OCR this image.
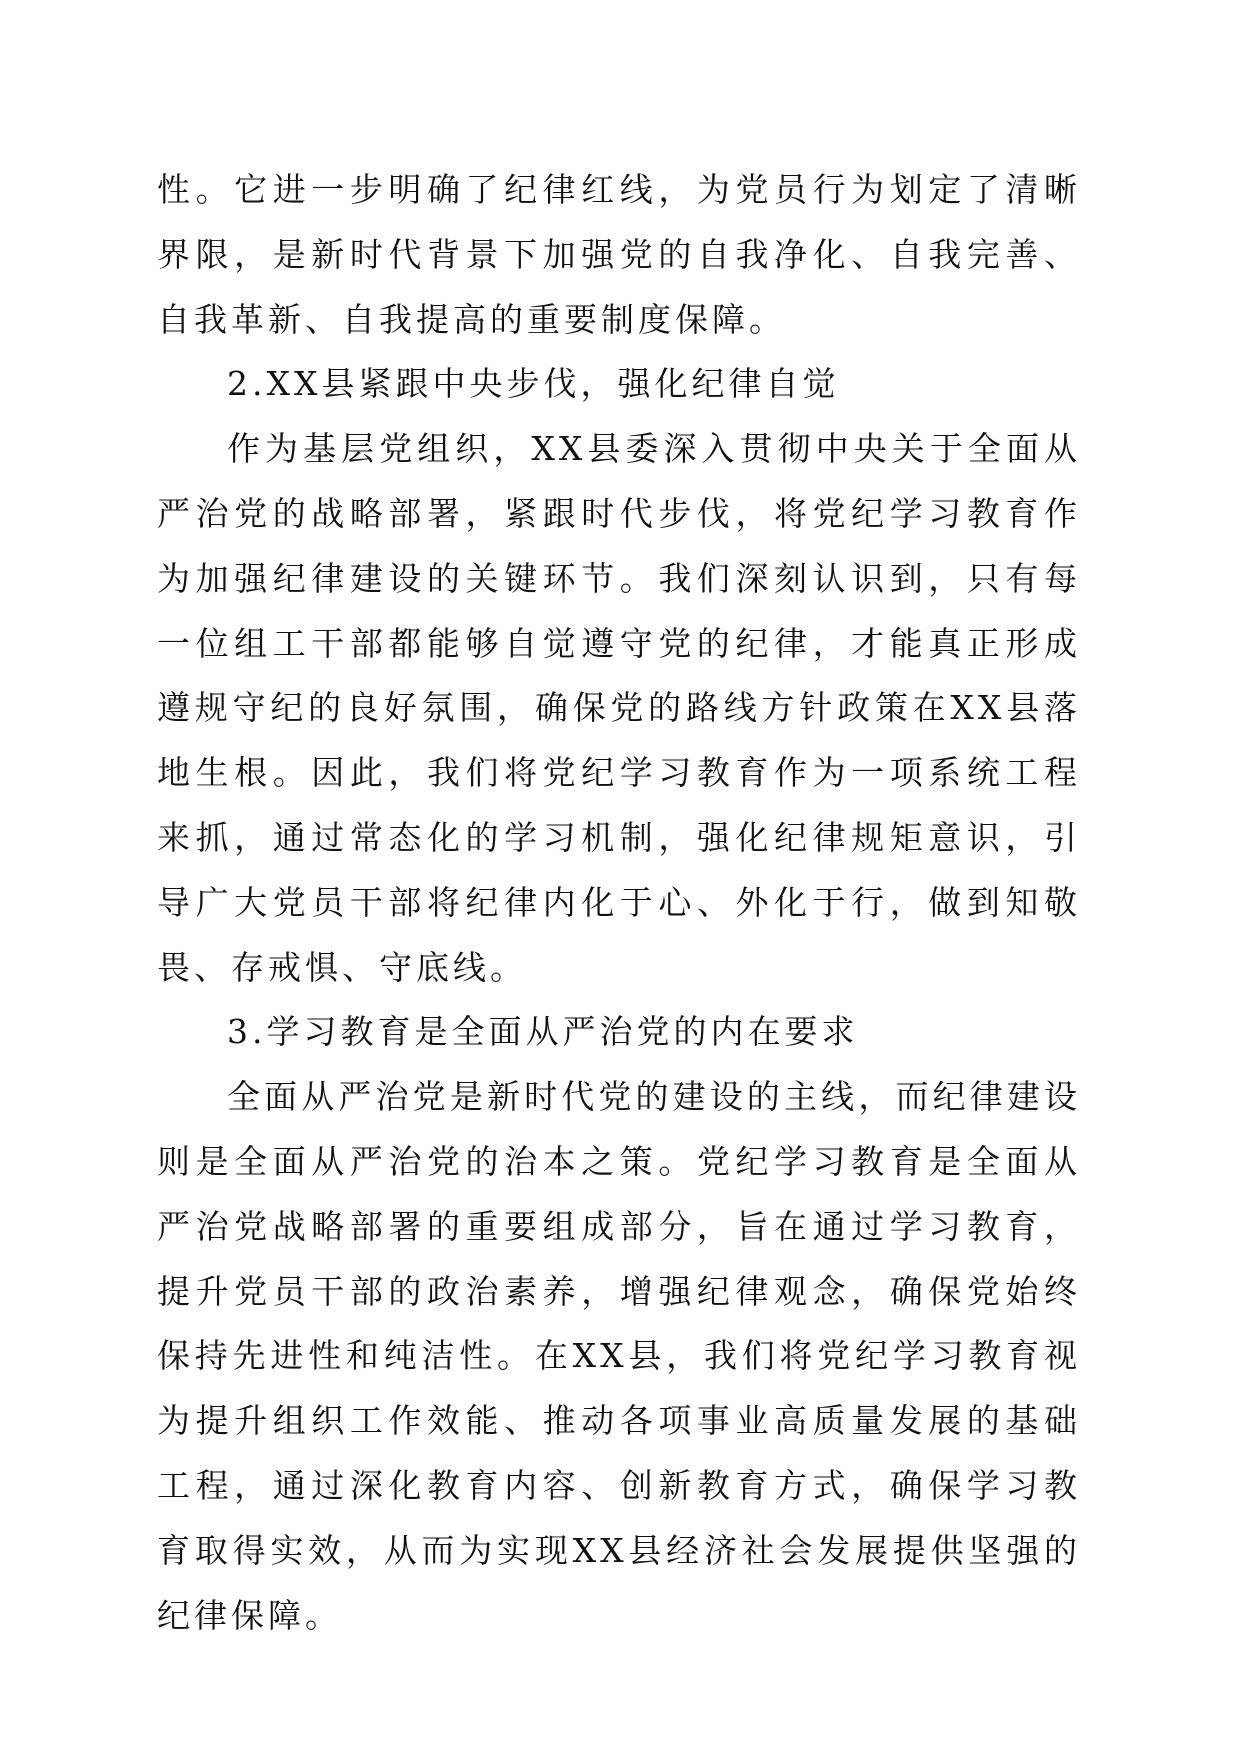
性。它进一步明确了纪律红线，为党员行为划定了清晰界限，是新时代背景下加强党的自我净化、自我完善、自我革新、自我提高的重要制度保障。

2.XX县紧跟中央步伐，强化纪律自觉

作为基层党组织，XX县委深入贯彻中央关于全面从严治党的战略部署，紧跟时代步伐，将党纪学习教育作为加强纪律建设的关键环节。我们深刻认识到，只有每一位组工干部都能够自觉遵守党的纪律，才能真正形成遵规守纪的良好氛围，确保党的路线方针政策在XX县落地生根。因此，我们将党纪学习教育作为一项系统工程来抓，通过常态化的学习机制，强化纪律规矩意识，引导广大党员干部将纪律内化于心、外化于行，做到知敬畏、存戒惧、守底线。

3.学习教育是全面从严治党的内在要求

全面从严治党是新时代党的建设的主线，而纪律建设则是全面从严治党的治本之策。党纪学习教育是全面从严治党战略部署的重要组成部分，旨在通过学习教育，提升党员干部的政治素养，增强纪律观念，确保党始终保持先进性和纯洁性。在XX县，我们将党纪学习教育视为提升组织工作效能、推动各项事业高质量发展的基础工程，通过深化教育内容、创新教育方式，确保学习教育取得实效，从而为实现XX县经济社会发展提供坚强的纪律保障。
